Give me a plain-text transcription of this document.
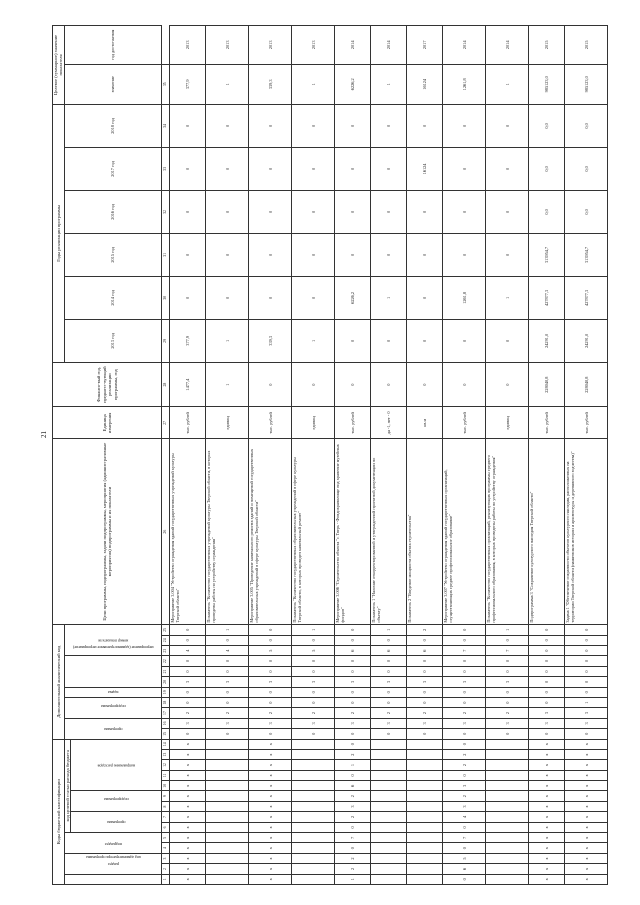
21
Коды бюджетной классификации														Дополнительный аналитический код											Цели программы, подпрограммы, задачи подпрограммы, мероприятия (административные мероприятия) подпрограммы и их показатели	Единица измерения	Финансо-вый год, предшест-вующий реализации программы, год	Годы реализации программы						Целевое (суммарное) значение показателя	
код администратора программы	раздел		подраздел		код целевой статьи расхода бюджета									программа		подпрограмма		задача	мероприятие (административное мероприятие)			номер показателя						2013 год	2014 год	2015 год	2016 год	2017 год	2018 год	значение	год дости-жения
					программа		подпрограмма		направление расходов																										
1	2	3	4	5	6	7	8	9	10	11	12	13	14	15	16	17	18	19	20	21	22	23	24	25	26	27	28	29	30	31	32	33	34	35	
х	х	х	х	х	х	х	х	х	х	х	х	х	х	0	3	2	0	0	3	0	0	4	0	0	Мероприятие 3.004 "Устройство ограждения зданий государственных учреждений культуры Тверской области"	тыс. рублей	1477,4	377,9	0	0	0	0	0	377,9	2013
														0	3	2	0	0	3	0	0	4	0	1	Показатель "Количество государственных учреждений культуры Тверской области, в которых проведены работы по устройству ограждения"	единиц	1	1	0	0	0	0	0	1	2013
х	х	х	х	х	х	х	х	х	х	х	х	х	х	0	3	2	0	0	3	0	0	5	0	0	Мероприятие 3.005 "Проведение капитального ремонта зданий и помещений государственных образовательных учреждений в сфере культуры Тверской области"	тыс. рублей	0	339,3	0	0	0	0	0	339,3	2013
														0	3	2	0	0	3	0	0	5	0	1	Показатель "Количество государственных образовательных учреждений в сфере культуры Тверской области, в которых проведен капитальный ремонт"	единиц	0	1	0	0	0	0	0	1	2013
1	2	2	0	7	0	2	3	2	6	0	1	2	0	0	3	2	0	0	3	0	0	6	0	0	Мероприятие 3.006 "Строительство объекта "г. Тверь - Фондохранилище под хранение музейных фондов"	тыс. рублей	0	0	6226,2	0	0	0	0	6226,2	2014
														0	3	2	0	0	3	0	0	6	0	1	Показатель 1 "Наличие откорректированной и утвержденной проектной документации по объекту"	да -1, нет - 0	0	0	1	0	0	0	0	1	2014
														0	3	2	0	0	3	0	0	6	0	2	Показатель 2 "Введение мощности объекта строительства"	кв.м	0	0	0	0	0	16124	0	16124	2017
0	6	5	0	7	0	4	3	2	3	0	2	2	0	0	3	2	0	0	3	0	0	7	0	0	Мероприятие 3.007 "Устройство ограждения зданий государственных организаций, осуществляющих среднее профессиональное образование"	тыс. рублей	0	0	1261,8	0	0	0	0	1261,8	2014
														0	3	2	0	0	3	0	0	7	0	1	Показатель "Количество государственных организаций, реализующих программы среднего профессионального образования, в которых проведены работы по устройству ограждения"	единиц	0	0	1	0	0	0	0	1	2014
х	х	х	х	х	х	х	х	х	х	х	х	х	х	0	3	3	0	0	0	0	0	0	0	0	Подпрограмма 3 "Сохранение культурного наследия Тверской области"	тыс. рублей	228040,8	24291,0	427877,3	313954,7	0,0	0,0	0,0	985123,0	2015
х	х	х	х	х	х	х	х	х	х	х	х	х	х	0	3	3	1	0	0	0	0	0	0	0	Задача 1 "Обеспечение сохранности объектов культурного наследия, расположенных на территории Тверской области (памятников истории и архитектуры и деревянного зодчества)"	тыс. рублей	228040,8	24291,0	427877,3	313954,7	0,0	0,0	0,0	985123,0	2015
